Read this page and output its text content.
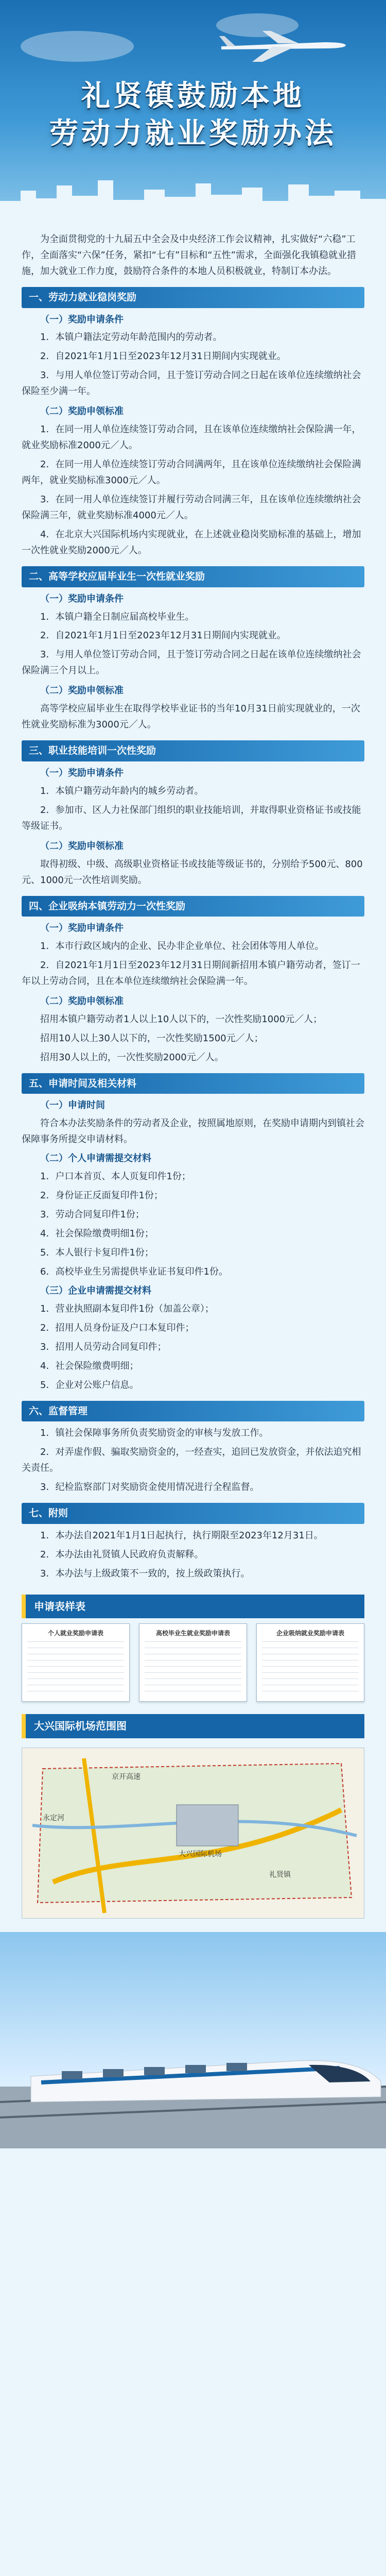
礼贤镇鼓励本地
劳动力就业奖励办法

为全面贯彻党的十九届五中全会及中央经济工作会议精神，扎实做好“六稳”工作，全面落实“六保”任务，紧扣“七有”目标和“五性”需求，全面强化我镇稳就业措施，加大就业工作力度，鼓励符合条件的本地人员积极就业，特制订本办法。

一、劳动力就业稳岗奖励
（一）奖励申请条件

1．本镇户籍法定劳动年龄范围内的劳动者。

2．自2021年1月1日至2023年12月31日期间内实现就业。

3．与用人单位签订劳动合同，且于签订劳动合同之日起在该单位连续缴纳社会保险至少满一年。

（二）奖励申领标准

1．在同一用人单位连续签订劳动合同，且在该单位连续缴纳社会保险满一年，就业奖励标准2000元／人。

2．在同一用人单位连续签订劳动合同满两年，且在该单位连续缴纳社会保险满两年，就业奖励标准3000元／人。

3．在同一用人单位连续签订并履行劳动合同满三年，且在该单位连续缴纳社会保险满三年，就业奖励标准4000元／人。

4．在北京大兴国际机场内实现就业，在上述就业稳岗奖励标准的基础上，增加一次性就业奖励2000元／人。

二、高等学校应届毕业生一次性就业奖励
（一）奖励申请条件

1．本镇户籍全日制应届高校毕业生。

2．自2021年1月1日至2023年12月31日期间内实现就业。

3．与用人单位签订劳动合同，且于签订劳动合同之日起在该单位连续缴纳社会保险满三个月以上。

（二）奖励申领标准

高等学校应届毕业生在取得学校毕业证书的当年10月31日前实现就业的，一次性就业奖励标准为3000元／人。

三、职业技能培训一次性奖励
（一）奖励申请条件

1．本镇户籍劳动年龄内的城乡劳动者。

2．参加市、区人力社保部门组织的职业技能培训，并取得职业资格证书或技能等级证书。

（二）奖励申领标准

取得初级、中级、高级职业资格证书或技能等级证书的，分别给予500元、800元、1000元一次性培训奖励。

四、企业吸纳本镇劳动力一次性奖励
（一）奖励申请条件

1．本市行政区域内的企业、民办非企业单位、社会团体等用人单位。

2．自2021年1月1日至2023年12月31日期间新招用本镇户籍劳动者，签订一年以上劳动合同，且在本单位连续缴纳社会保险满一年。

（二）奖励申领标准

招用本镇户籍劳动者1人以上10人以下的，一次性奖励1000元／人；

招用10人以上30人以下的，一次性奖励1500元／人；

招用30人以上的，一次性奖励2000元／人。

五、申请时间及相关材料
（一）申请时间

符合本办法奖励条件的劳动者及企业，按照属地原则，在奖励申请期内到镇社会保障事务所提交申请材料。

（二）个人申请需提交材料

1．户口本首页、本人页复印件1份；

2．身份证正反面复印件1份；

3．劳动合同复印件1份；

4．社会保险缴费明细1份；

5．本人银行卡复印件1份；

6．高校毕业生另需提供毕业证书复印件1份。

（三）企业申请需提交材料

1．营业执照副本复印件1份（加盖公章）；

2．招用人员身份证及户口本复印件；

3．招用人员劳动合同复印件；

4．社会保险缴费明细；

5．企业对公账户信息。

六、监督管理

1．镇社会保障事务所负责奖励资金的审核与发放工作。

2．对弄虚作假、骗取奖励资金的，一经查实，追回已发放资金，并依法追究相关责任。

3．纪检监察部门对奖励资金使用情况进行全程监督。

七、附则

1．本办法自2021年1月1日起执行，执行期限至2023年12月31日。

2．本办法由礼贤镇人民政府负责解释。

3．本办法与上级政策不一致的，按上级政策执行。

申请表样表
个人就业奖励申请表	高校毕业生就业奖励申请表	企业吸纳就业奖励申请表
大兴国际机场范围图
京开高速
大兴国际机场
礼贤镇
永定河
